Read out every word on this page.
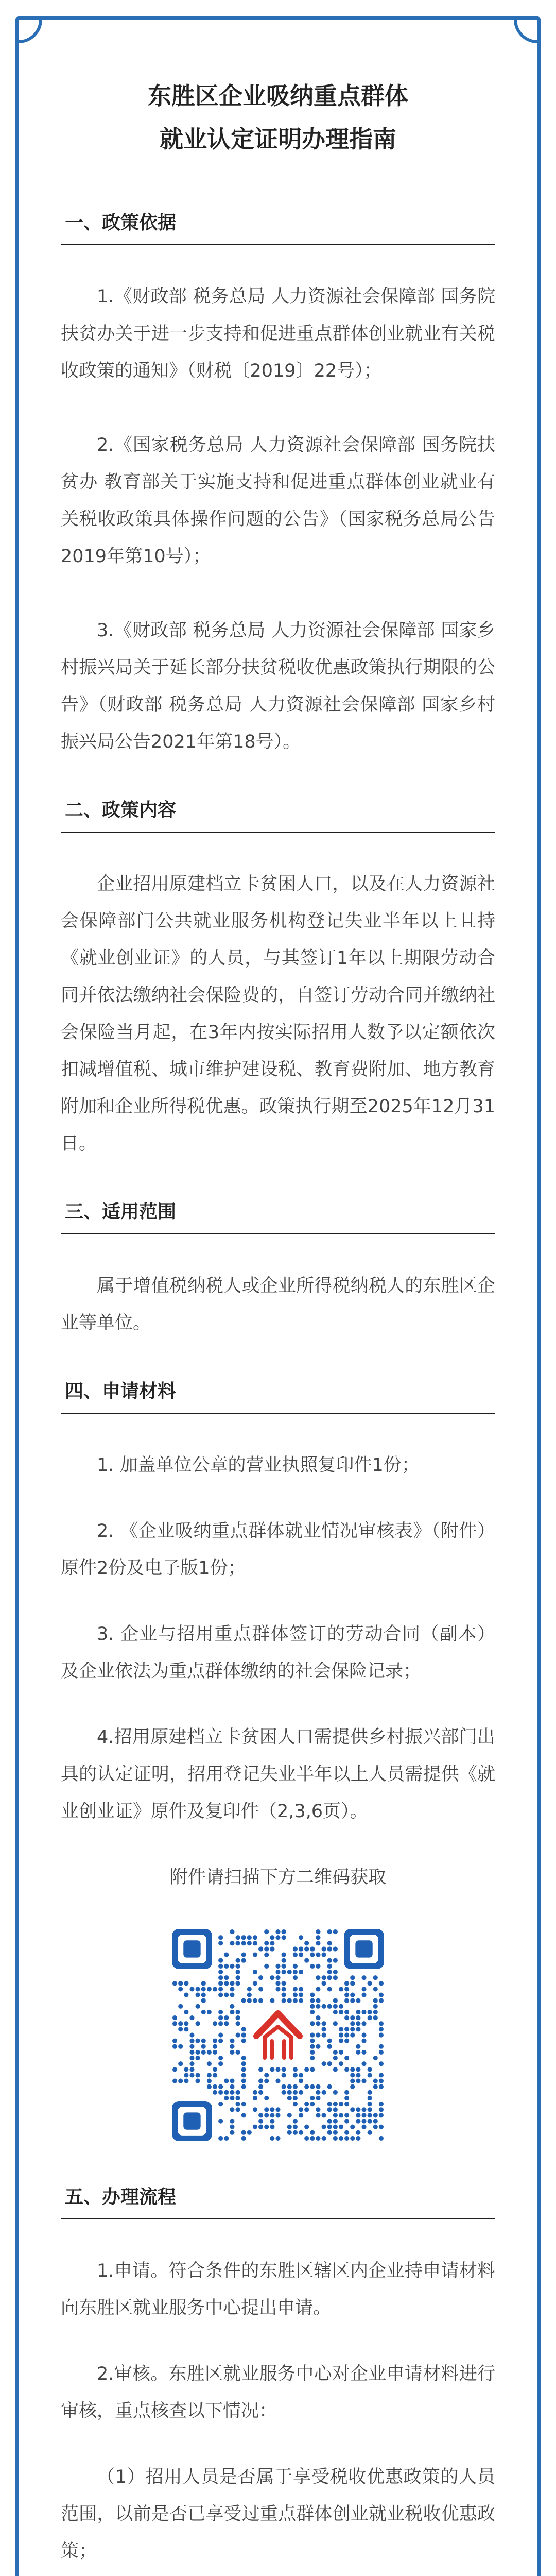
东胜区企业吸纳重点群体
就业认定证明办理指南
一、政策依据

1.《财政部 税务总局 人力资源社会保障部 国务院扶贫办关于进一步支持和促进重点群体创业就业有关税收政策的通知》（财税〔2019〕22号）；

2.《国家税务总局 人力资源社会保障部 国务院扶贫办 教育部关于实施支持和促进重点群体创业就业有关税收政策具体操作问题的公告》（国家税务总局公告2019年第10号）；

3.《财政部 税务总局 人力资源社会保障部 国家乡村振兴局关于延长部分扶贫税收优惠政策执行期限的公告》（财政部 税务总局 人力资源社会保障部 国家乡村振兴局公告2021年第18号）。

二、政策内容

企业招用原建档立卡贫困人口，以及在人力资源社会保障部门公共就业服务机构登记失业半年以上且持《就业创业证》的人员，与其签订1年以上期限劳动合同并依法缴纳社会保险费的，自签订劳动合同并缴纳社会保险当月起，在3年内按实际招用人数予以定额依次扣减增值税、城市维护建设税、教育费附加、地方教育附加和企业所得税优惠。政策执行期至2025年12月31日。

三、适用范围

属于增值税纳税人或企业所得税纳税人的东胜区企业等单位。

四、申请材料

1. 加盖单位公章的营业执照复印件1份；

2. 《企业吸纳重点群体就业情况审核表》（附件）原件2份及电子版1份；

3. 企业与招用重点群体签订的劳动合同（副本）及企业依法为重点群体缴纳的社会保险记录；

4.招用原建档立卡贫困人口需提供乡村振兴部门出具的认定证明，招用登记失业半年以上人员需提供《就业创业证》原件及复印件（2,3,6页）。

附件请扫描下方二维码获取

五、办理流程

1.申请。符合条件的东胜区辖区内企业持申请材料向东胜区就业服务中心提出申请。

2.审核。东胜区就业服务中心对企业申请材料进行审核，重点核查以下情况：

（1）招用人员是否属于享受税收优惠政策的人员范围，以前是否已享受过重点群体创业就业税收优惠政策；
